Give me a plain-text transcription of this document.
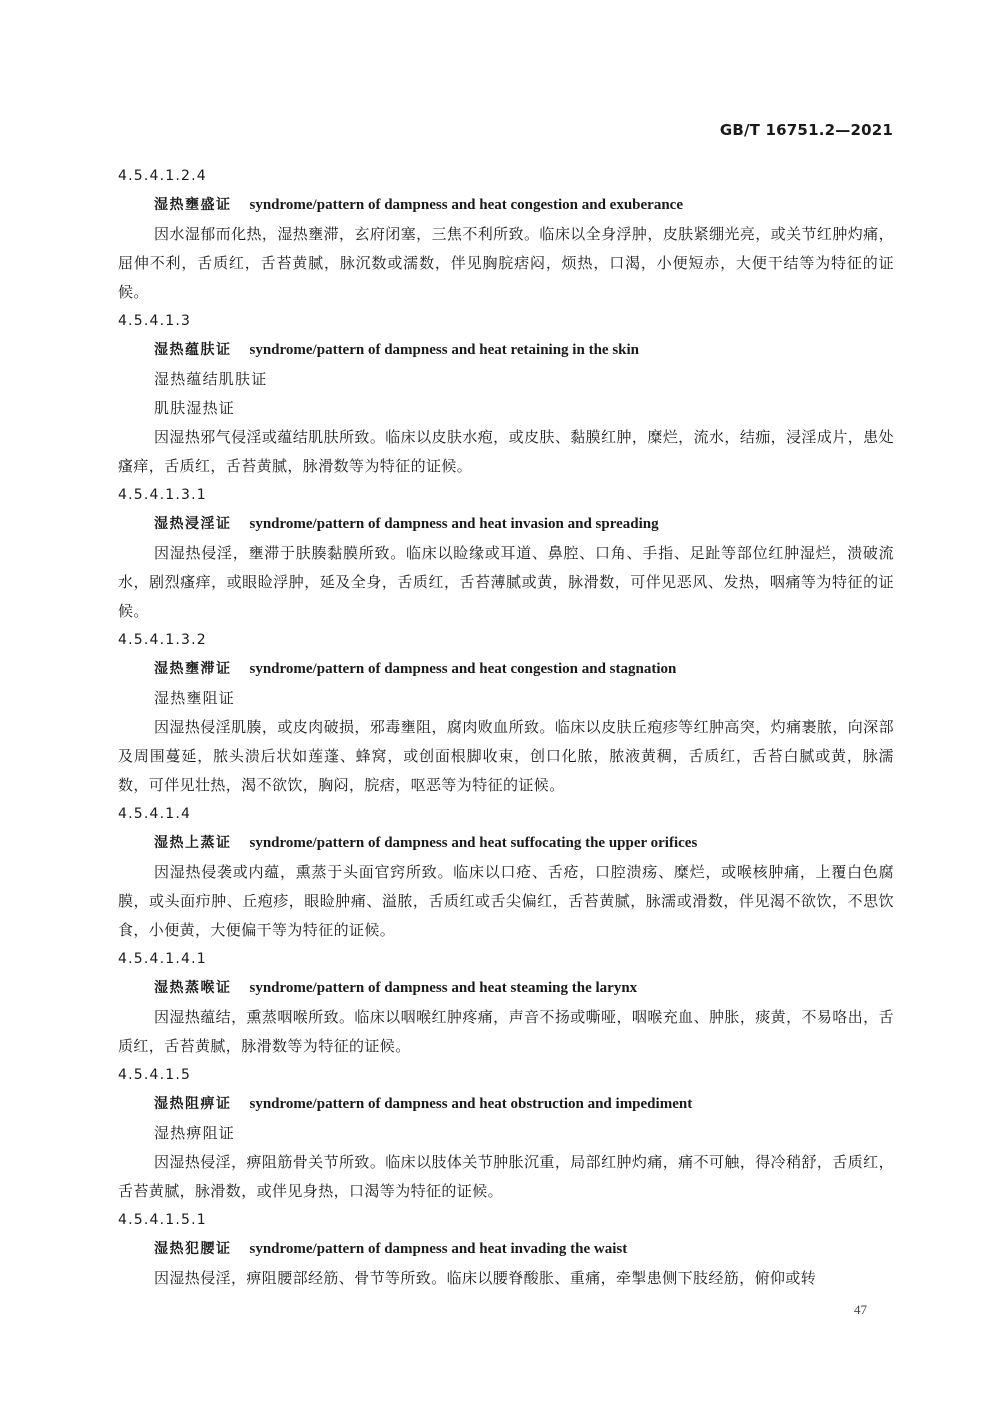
GB/T 16751.2—2021
4.5.4.1.2.4
湿热壅盛证 syndrome/pattern of dampness and heat congestion and exuberance
因水湿郁而化热，湿热壅滞，玄府闭塞，三焦不利所致。临床以全身浮肿，皮肤紧绷光亮，或关节红肿灼痛，屈伸不利，舌质红，舌苔黄腻，脉沉数或濡数，伴见胸脘痞闷，烦热，口渴，小便短赤，大便干结等为特征的证候。
4.5.4.1.3
湿热蕴肤证 syndrome/pattern of dampness and heat retaining in the skin
湿热蕴结肌肤证
肌肤湿热证
因湿热邪气侵淫或蕴结肌肤所致。临床以皮肤水疱，或皮肤、黏膜红肿，糜烂，流水，结痂，浸淫成片，患处瘙痒，舌质红，舌苔黄腻，脉滑数等为特征的证候。
4.5.4.1.3.1
湿热浸淫证 syndrome/pattern of dampness and heat invasion and spreading
因湿热侵淫，壅滞于肤腠黏膜所致。临床以睑缘或耳道、鼻腔、口角、手指、足趾等部位红肿湿烂，溃破流水，剧烈瘙痒，或眼睑浮肿，延及全身，舌质红，舌苔薄腻或黄，脉滑数，可伴见恶风、发热，咽痛等为特征的证候。
4.5.4.1.3.2
湿热壅滞证 syndrome/pattern of dampness and heat congestion and stagnation
湿热壅阻证
因湿热侵淫肌腠，或皮肉破损，邪毒壅阻，腐肉败血所致。临床以皮肤丘疱疹等红肿高突，灼痛裹脓，向深部及周围蔓延，脓头溃后状如莲蓬、蜂窝，或创面根脚收束，创口化脓，脓液黄稠，舌质红，舌苔白腻或黄，脉濡数，可伴见壮热，渴不欲饮，胸闷，脘痞，呕恶等为特征的证候。
4.5.4.1.4
湿热上蒸证 syndrome/pattern of dampness and heat suffocating the upper orifices
因湿热侵袭或内蕴，熏蒸于头面官窍所致。临床以口疮、舌疮，口腔溃疡、糜烂，或喉核肿痛，上覆白色腐膜，或头面疖肿、丘疱疹，眼睑肿痛、溢脓，舌质红或舌尖偏红，舌苔黄腻，脉濡或滑数，伴见渴不欲饮，不思饮食，小便黄，大便偏干等为特征的证候。
4.5.4.1.4.1
湿热蒸喉证 syndrome/pattern of dampness and heat steaming the larynx
因湿热蕴结，熏蒸咽喉所致。临床以咽喉红肿疼痛，声音不扬或嘶哑，咽喉充血、肿胀，痰黄，不易咯出，舌质红，舌苔黄腻，脉滑数等为特征的证候。
4.5.4.1.5
湿热阻痹证 syndrome/pattern of dampness and heat obstruction and impediment
湿热痹阻证
因湿热侵淫，痹阻筋骨关节所致。临床以肢体关节肿胀沉重，局部红肿灼痛，痛不可触，得冷稍舒，舌质红，舌苔黄腻，脉滑数，或伴见身热，口渴等为特征的证候。
4.5.4.1.5.1
湿热犯腰证 syndrome/pattern of dampness and heat invading the waist
因湿热侵淫，痹阻腰部经筋、骨节等所致。临床以腰脊酸胀、重痛，牵掣患侧下肢经筋，俯仰或转
47
